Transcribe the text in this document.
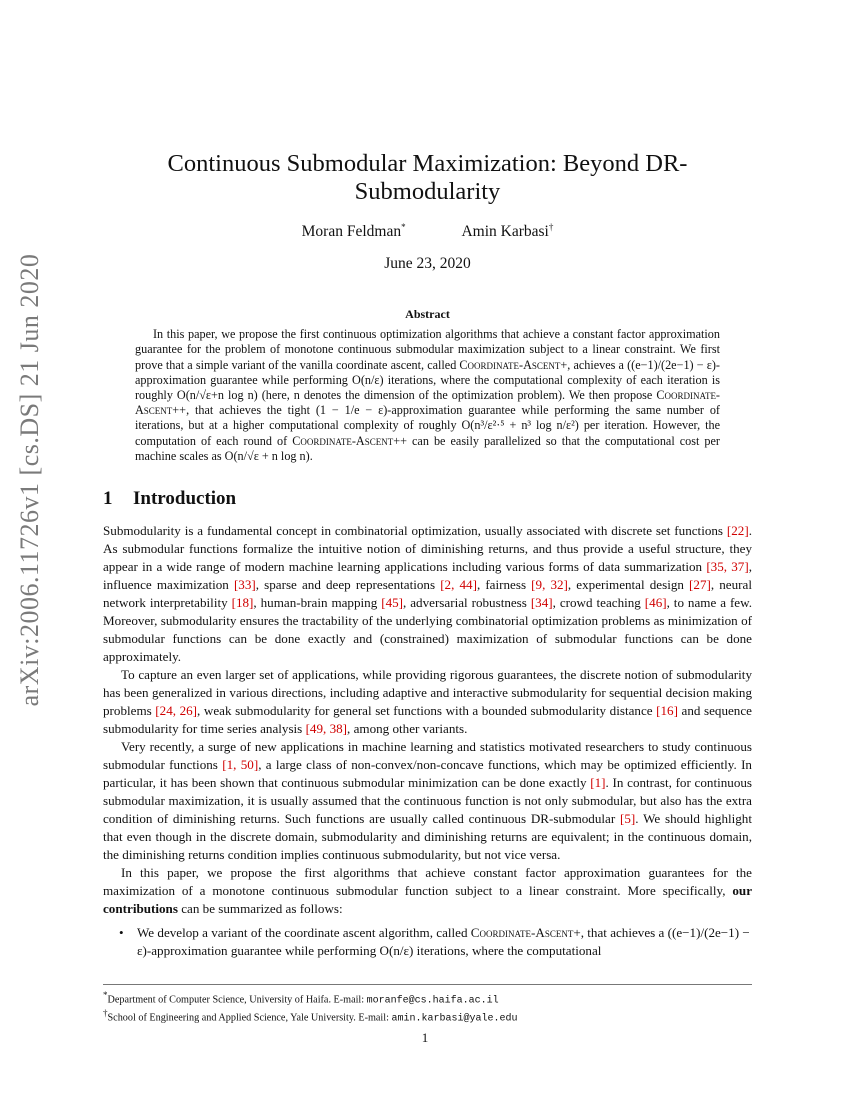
arXiv:2006.11726v1 [cs.DS] 21 Jun 2020
Continuous Submodular Maximization: Beyond DR-Submodularity
Moran Feldman*	Amin Karbasi†
June 23, 2020
Abstract

In this paper, we propose the first continuous optimization algorithms that achieve a constant factor approximation guarantee for the problem of monotone continuous submodular maximization subject to a linear constraint. We first prove that a simple variant of the vanilla coordinate ascent, called Coordinate-Ascent+, achieves a ((e−1)/(2e−1) − ε)-approximation guarantee while performing O(n/ε) iterations, where the computational complexity of each iteration is roughly O(n/√ε+n log n) (here, n denotes the dimension of the optimization problem). We then propose Coordinate-Ascent++, that achieves the tight (1 − 1/e − ε)-approximation guarantee while performing the same number of iterations, but at a higher computational complexity of roughly O(n³/ε²·⁵ + n³ log n/ε²) per iteration. However, the computation of each round of Coordinate-Ascent++ can be easily parallelized so that the computational cost per machine scales as O(n/√ε + n log n).

1 Introduction

Submodularity is a fundamental concept in combinatorial optimization, usually associated with discrete set functions [22]. As submodular functions formalize the intuitive notion of diminishing returns, and thus provide a useful structure, they appear in a wide range of modern machine learning applications including various forms of data summarization [35, 37], influence maximization [33], sparse and deep representations [2, 44], fairness [9, 32], experimental design [27], neural network interpretability [18], human-brain mapping [45], adversarial robustness [34], crowd teaching [46], to name a few. Moreover, submodularity ensures the tractability of the underlying combinatorial optimization problems as minimization of submodular functions can be done exactly and (constrained) maximization of submodular functions can be done approximately.

To capture an even larger set of applications, while providing rigorous guarantees, the discrete notion of submodularity has been generalized in various directions, including adaptive and interactive submodularity for sequential decision making problems [24, 26], weak submodularity for general set functions with a bounded submodularity distance [16] and sequence submodularity for time series analysis [49, 38], among other variants.

Very recently, a surge of new applications in machine learning and statistics motivated researchers to study continuous submodular functions [1, 50], a large class of non-convex/non-concave functions, which may be optimized efficiently. In particular, it has been shown that continuous submodular minimization can be done exactly [1]. In contrast, for continuous submodular maximization, it is usually assumed that the continuous function is not only submodular, but also has the extra condition of diminishing returns. Such functions are usually called continuous DR-submodular [5]. We should highlight that even though in the discrete domain, submodularity and diminishing returns are equivalent; in the continuous domain, the diminishing returns condition implies continuous submodularity, but not vice versa.

In this paper, we propose the first algorithms that achieve constant factor approximation guarantees for the maximization of a monotone continuous submodular function subject to a linear constraint. More specifically, our contributions can be summarized as follows:

• We develop a variant of the coordinate ascent algorithm, called Coordinate-Ascent+, that achieves a ((e−1)/(2e−1) − ε)-approximation guarantee while performing O(n/ε) iterations, where the computational
*Department of Computer Science, University of Haifa. E-mail: moranfe@cs.haifa.ac.il
†School of Engineering and Applied Science, Yale University. E-mail: amin.karbasi@yale.edu
1
